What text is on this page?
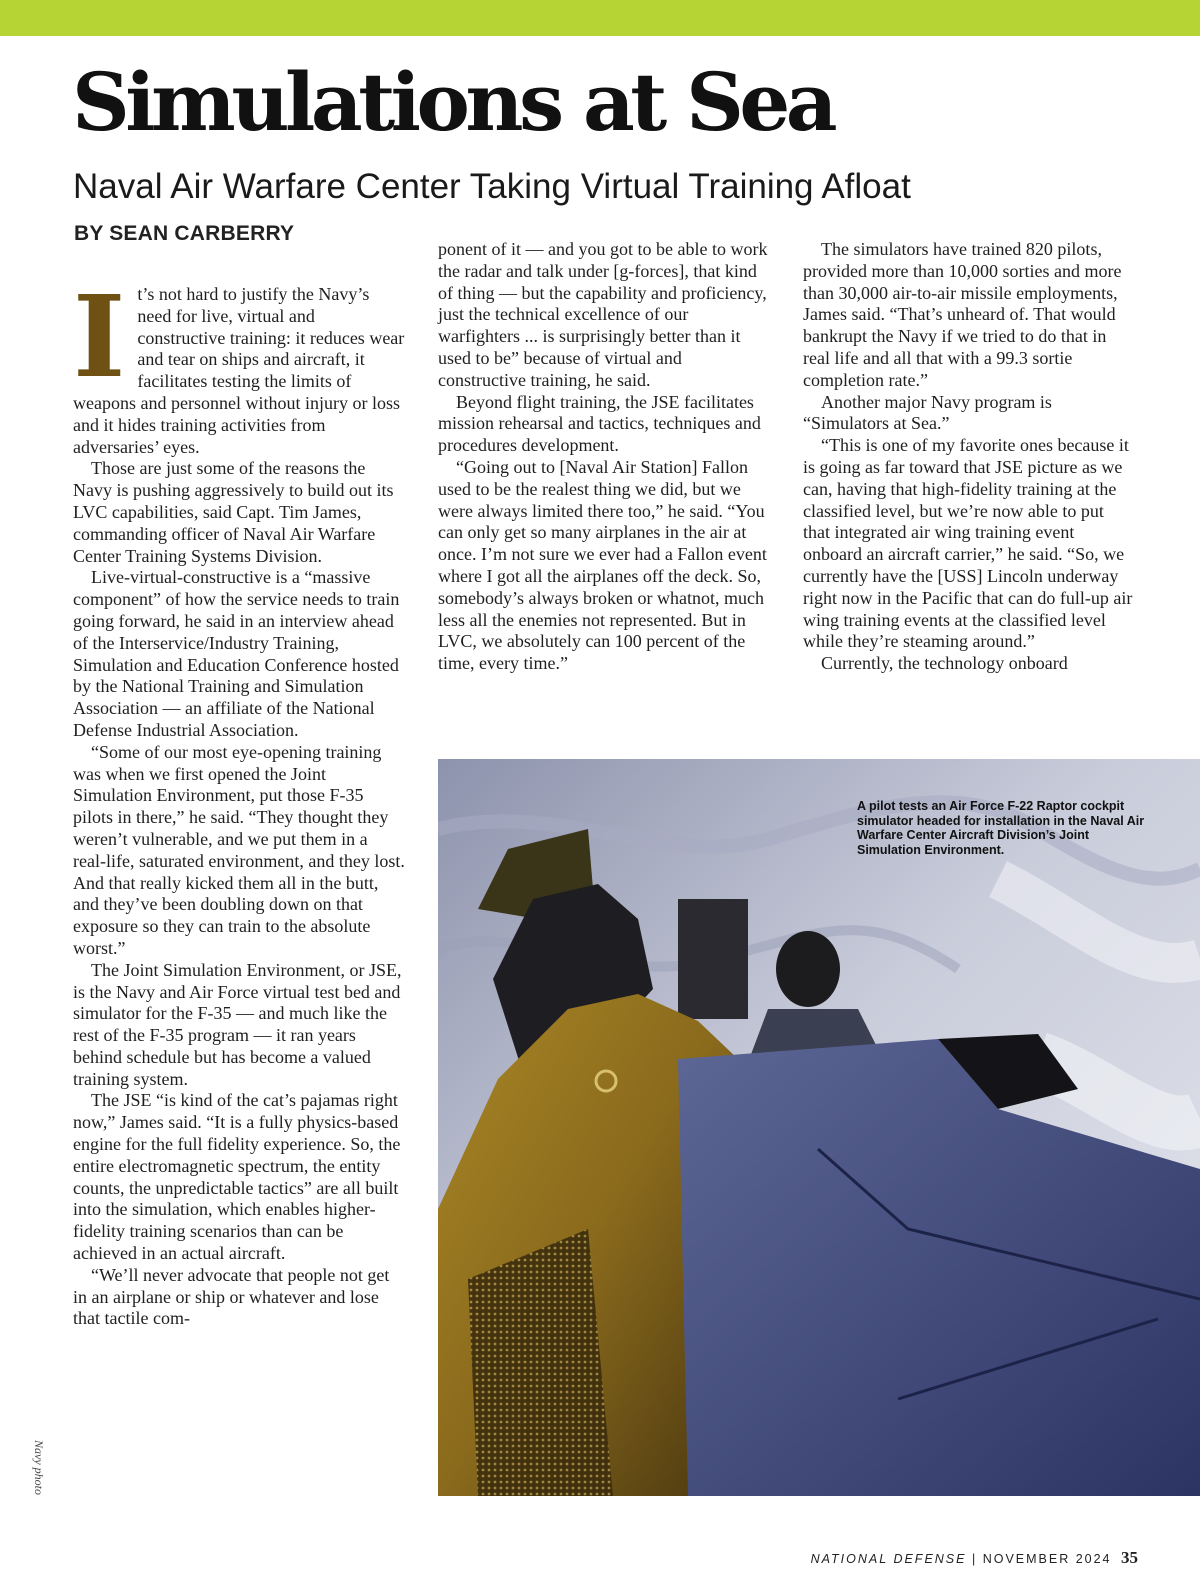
Simulations at Sea
Naval Air Warfare Center Taking Virtual Training Afloat
BY SEAN CARBERRY

It’s not hard to justify the Navy’s need for live, virtual and constructive training: it reduces wear and tear on ships and aircraft, it facilitates testing the limits of weapons and personnel without injury or loss and it hides training activities from adversaries’ eyes.

Those are just some of the reasons the Navy is pushing aggressively to build out its LVC capabilities, said Capt. Tim James, commanding officer of Naval Air Warfare Center Training Systems Division.

Live-virtual-constructive is a “massive component” of how the service needs to train going forward, he said in an interview ahead of the Interservice/Industry Training, Simulation and Education Conference hosted by the National Training and Simulation Association — an affiliate of the National Defense Industrial Association.

“Some of our most eye-opening training was when we first opened the Joint Simulation Environment, put those F-35 pilots in there,” he said. “They thought they weren’t vulnerable, and we put them in a real-life, saturated environment, and they lost. And that really kicked them all in the butt, and they’ve been doubling down on that exposure so they can train to the absolute worst.”

The Joint Simulation Environment, or JSE, is the Navy and Air Force virtual test bed and simulator for the F-35 — and much like the rest of the F-35 program — it ran years behind schedule but has become a valued training system.

The JSE “is kind of the cat’s pajamas right now,” James said. “It is a fully physics-based engine for the full fidelity experience. So, the entire electromagnetic spectrum, the entity counts, the unpredictable tactics” are all built into the simulation, which enables higher-fidelity training scenarios than can be achieved in an actual aircraft.

“We’ll never advocate that people not get in an airplane or ship or whatever and lose that tactile com-

ponent of it — and you got to be able to work the radar and talk under [g-forces], that kind of thing — but the capability and proficiency, just the technical excellence of our warfighters ... is surprisingly better than it used to be” because of virtual and constructive training, he said.

Beyond flight training, the JSE facilitates mission rehearsal and tactics, techniques and procedures development.

“Going out to [Naval Air Station] Fallon used to be the realest thing we did, but we were always limited there too,” he said. “You can only get so many airplanes in the air at once. I’m not sure we ever had a Fallon event where I got all the airplanes off the deck. So, somebody’s always broken or whatnot, much less all the enemies not represented. But in LVC, we absolutely can 100 percent of the time, every time.”

The simulators have trained 820 pilots, provided more than 10,000 sorties and more than 30,000 air-to-air missile employments, James said. “That’s unheard of. That would bankrupt the Navy if we tried to do that in real life and all that with a 99.3 sortie completion rate.”

Another major Navy program is “Simulators at Sea.”

“This is one of my favorite ones because it is going as far toward that JSE picture as we can, having that high-fidelity training at the classified level, but we’re now able to put that integrated air wing training event onboard an aircraft carrier,” he said. “So, we currently have the [USS] Lincoln underway right now in the Pacific that can do full-up air wing training events at the classified level while they’re steaming around.”

Currently, the technology onboard

A pilot tests an Air Force F-22 Raptor cockpit simulator headed for installation in the Naval Air Warfare Center Aircraft Division’s Joint Simulation Environment.
Navy photo
NATIONAL DEFENSE | NOVEMBER 2024 35
